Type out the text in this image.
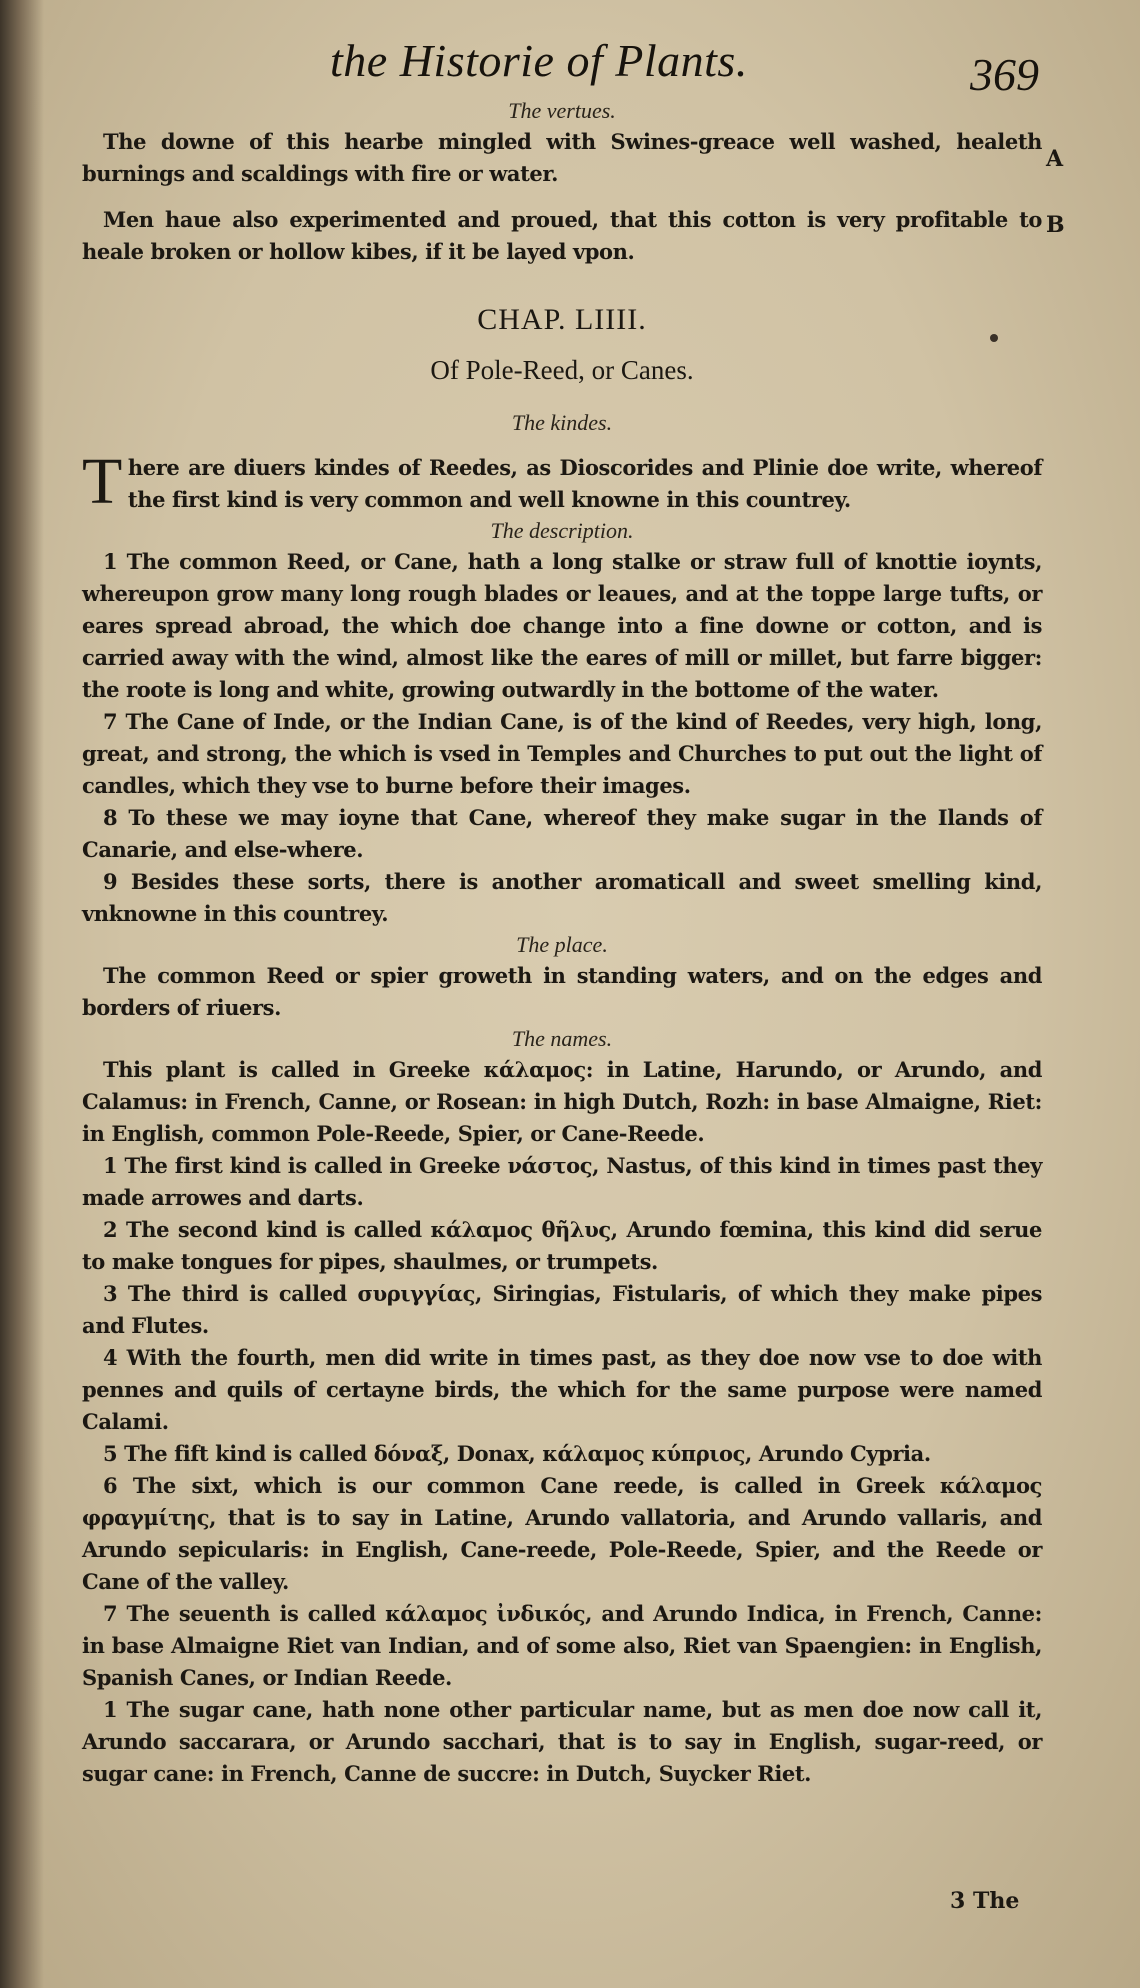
the Historie of Plants.	369
A
B
The vertues.

The downe of this hearbe mingled with Swines-greace well washed, healeth burnings and scaldings with fire or water.

Men haue also experimented and proued, that this cotton is very profitable to heale broken or hollow kibes, if it be layed vpon.

CHAP. LIIII.
Of Pole-Reed, or Canes.
The kindes.

There are diuers kindes of Reedes, as Dioscorides and Plinie doe write, whereof the first kind is very common and well knowne in this countrey.

The description.

1 The common Reed, or Cane, hath a long stalke or straw full of knottie ioynts, whereupon grow many long rough blades or leaues, and at the toppe large tufts, or eares spread abroad, the which doe change into a fine downe or cotton, and is carried away with the wind, almost like the eares of mill or millet, but farre bigger: the roote is long and white, growing outwardly in the bottome of the water.

7 The Cane of Inde, or the Indian Cane, is of the kind of Reedes, very high, long, great, and strong, the which is vsed in Temples and Churches to put out the light of candles, which they vse to burne before their images.

8 To these we may ioyne that Cane, whereof they make sugar in the Ilands of Canarie, and else-where.

9 Besides these sorts, there is another aromaticall and sweet smelling kind, vnknowne in this countrey.

The place.

The common Reed or spier groweth in standing waters, and on the edges and borders of riuers.

The names.

This plant is called in Greeke κάλαμος: in Latine, Harundo, or Arundo, and Calamus: in French, Canne, or Rosean: in high Dutch, Rozh: in base Almaigne, Riet: in English, common Pole-Reede, Spier, or Cane-Reede.

1 The first kind is called in Greeke νάστος, Nastus, of this kind in times past they made arrowes and darts.

2 The second kind is called κάλαμος θῆλυς, Arundo fœmina, this kind did serue to make tongues for pipes, shaulmes, or trumpets.

3 The third is called συριγγίας, Siringias, Fistularis, of which they make pipes and Flutes.

4 With the fourth, men did write in times past, as they doe now vse to doe with pennes and quils of certayne birds, the which for the same purpose were named Calami.

5 The fift kind is called δόναξ, Donax, κάλαμος κύπριος, Arundo Cypria.

6 The sixt, which is our common Cane reede, is called in Greek κάλαμος φραγμίτης, that is to say in Latine, Arundo vallatoria, and Arundo vallaris, and Arundo sepicularis: in English, Cane-reede, Pole-Reede, Spier, and the Reede or Cane of the valley.

7 The seuenth is called κάλαμος ἰνδικός, and Arundo Indica, in French, Canne: in base Almaigne Riet van Indian, and of some also, Riet van Spaengien: in English, Spanish Canes, or Indian Reede.

1 The sugar cane, hath none other particular name, but as men doe now call it, Arundo saccarara, or Arundo sacchari, that is to say in English, sugar-reed, or sugar cane: in French, Canne de succre: in Dutch, Suycker Riet.

3 The
